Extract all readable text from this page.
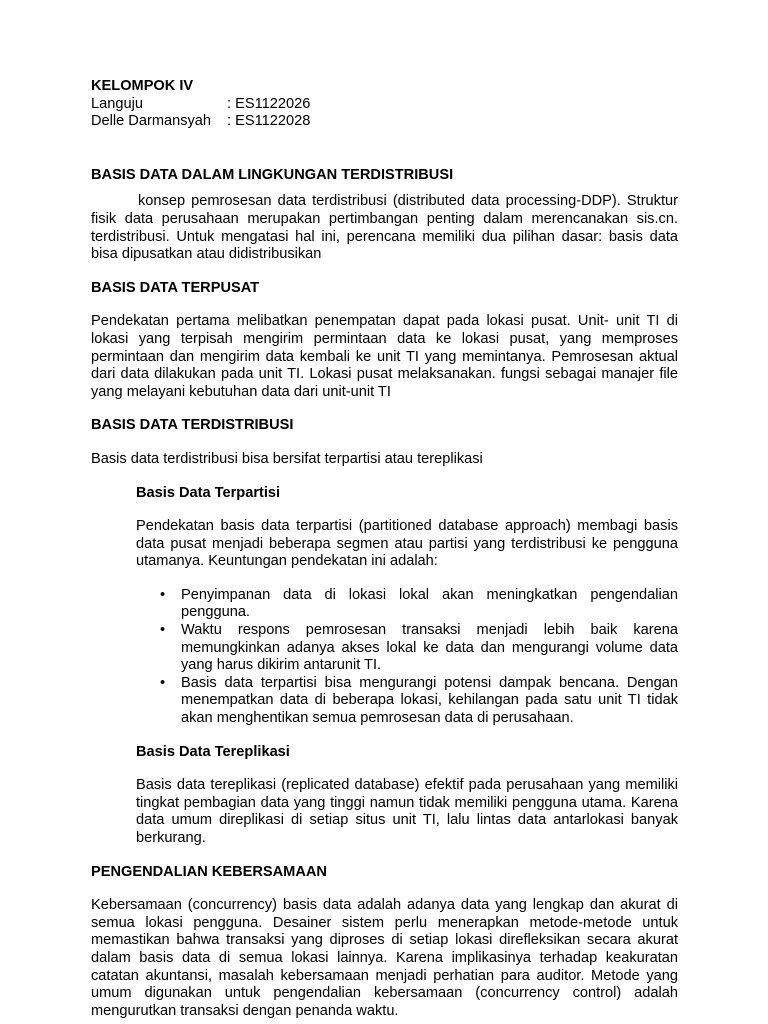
KELOMPOK IV

Languju	: ES1122026
Delle Darmansyah	: ES1122028
BASIS DATA DALAM LINGKUNGAN TERDISTRIBUSI

konsep pemrosesan data terdistribusi (distributed data processing-DDP). Struktur fisik data perusahaan merupakan pertimbangan penting dalam merencanakan sis.cn. terdistribusi. Untuk mengatasi hal ini, perencana memiliki dua pilihan dasar: basis data bisa dipusatkan atau didistribusikan

BASIS DATA TERPUSAT

Pendekatan pertama melibatkan penempatan dapat pada lokasi pusat. Unit- unit TI di lokasi yang terpisah mengirim permintaan data ke lokasi pusat, yang memproses permintaan dan mengirim data kembali ke unit TI yang memintanya. Pemrosesan aktual dari data dilakukan pada unit TI. Lokasi pusat melaksanakan. fungsi sebagai manajer file yang melayani kebutuhan data dari unit-unit TI

BASIS DATA TERDISTRIBUSI

Basis data terdistribusi bisa bersifat terpartisi atau tereplikasi

Basis Data Terpartisi

Pendekatan basis data terpartisi (partitioned database approach) membagi basis data pusat menjadi beberapa segmen atau partisi yang terdistribusi ke pengguna utamanya. Keuntungan pendekatan ini adalah:

• Penyimpanan data di lokasi lokal akan meningkatkan pengendalian pengguna.
• Waktu respons pemrosesan transaksi menjadi lebih baik karena memungkinkan adanya akses lokal ke data dan mengurangi volume data yang harus dikirim antarunit TI.
• Basis data terpartisi bisa mengurangi potensi dampak bencana. Dengan menempatkan data di beberapa lokasi, kehilangan pada satu unit TI tidak akan menghentikan semua pemrosesan data di perusahaan.
Basis Data Tereplikasi

Basis data tereplikasi (replicated database) efektif pada perusahaan yang memiliki tingkat pembagian data yang tinggi namun tidak memiliki pengguna utama. Karena data umum direplikasi di setiap situs unit TI, lalu lintas data antarlokasi banyak berkurang.

PENGENDALIAN KEBERSAMAAN

Kebersamaan (concurrency) basis data adalah adanya data yang lengkap dan akurat di semua lokasi pengguna. Desainer sistem perlu menerapkan metode-metode untuk memastikan bahwa transaksi yang diproses di setiap lokasi direfleksikan secara akurat dalam basis data di semua lokasi lainnya. Karena implikasinya terhadap keakuratan catatan akuntansi, masalah kebersamaan menjadi perhatian para auditor. Metode yang umum digunakan untuk pengendalian kebersamaan (concurrency control) adalah mengurutkan transaksi dengan penanda waktu.
